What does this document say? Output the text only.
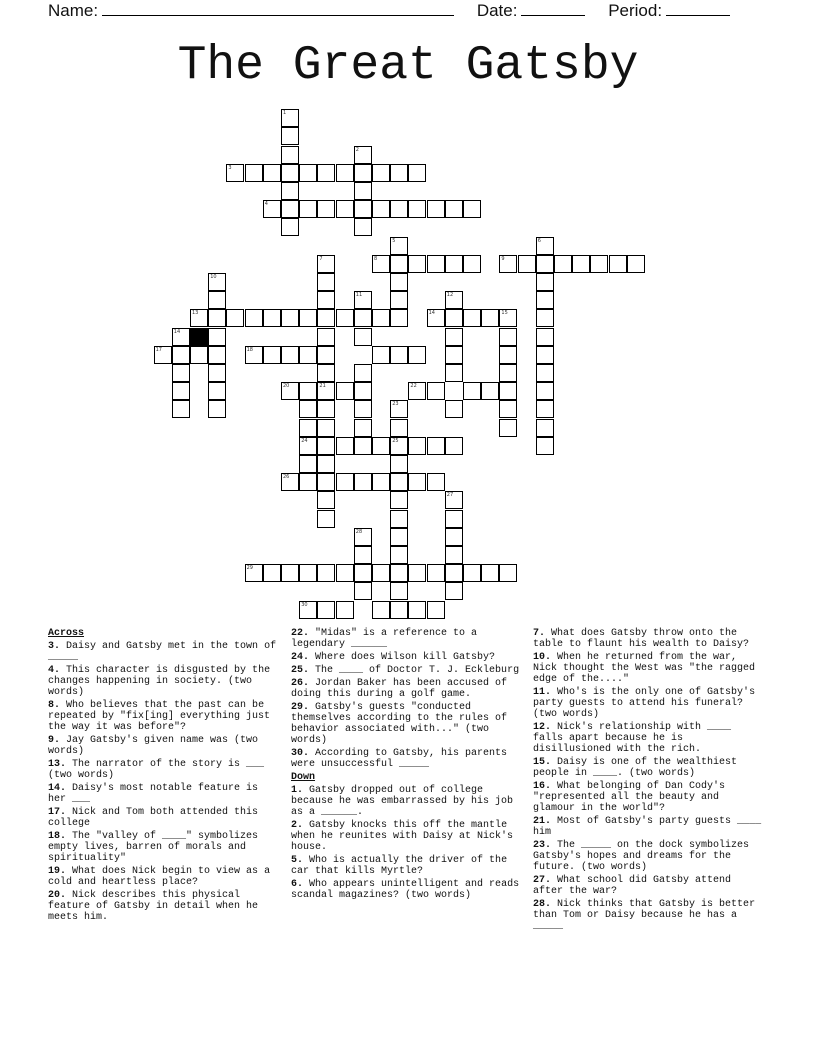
Name:	Date:	Period:
The Great Gatsby
1
2
3
4
5
7
21
6
8	9
10
11	12
13	14	15
14
17	18
20	22
24
23
25
26
27
28
29
30
Across
3. Daisy and Gatsby met in the town of _____
4. This character is disgusted by the changes happening in society. (two words)
8. Who believes that the past can be repeated by "fix[ing] everything just the way it was before"?
9. Jay Gatsby's given name was (two words)
13. The narrator of the story is ___ (two words)
14. Daisy's most notable feature is her ___
17. Nick and Tom both attended this college
18. The "valley of ____" symbolizes empty lives, barren of morals and spirituality"
19. What does Nick begin to view as a cold and heartless place?
20. Nick describes this physical feature of Gatsby in detail when he meets him.
22. "Midas" is a reference to a legendary ______
24. Where does Wilson kill Gatsby?
25. The ____ of Doctor T. J. Eckleburg
26. Jordan Baker has been accused of doing this during a golf game.
29. Gatsby's guests "conducted themselves according to the rules of behavior associated with..." (two words)
30. According to Gatsby, his parents were unsuccessful _____
Down
1. Gatsby dropped out of college because he was embarrassed by his job as a ______.
2. Gatsby knocks this off the mantle when he reunites with Daisy at Nick's house.
5. Who is actually the driver of the car that kills Myrtle?
6. Who appears unintelligent and reads scandal magazines? (two words)
7. What does Gatsby throw onto the table to flaunt his wealth to Daisy?
10. When he returned from the war, Nick thought the West was "the ragged edge of the...."
11. Who's is the only one of Gatsby's party guests to attend his funeral? (two words)
12. Nick's relationship with ____ falls apart because he is disillusioned with the rich.
15. Daisy is one of the wealthiest people in ____. (two words)
16. What belonging of Dan Cody's "represented all the beauty and glamour in the world"?
21. Most of Gatsby's party guests ____ him
23. The _____ on the dock symbolizes Gatsby's hopes and dreams for the future. (two words)
27. What school did Gatsby attend after the war?
28. Nick thinks that Gatsby is better than Tom or Daisy because he has a _____
